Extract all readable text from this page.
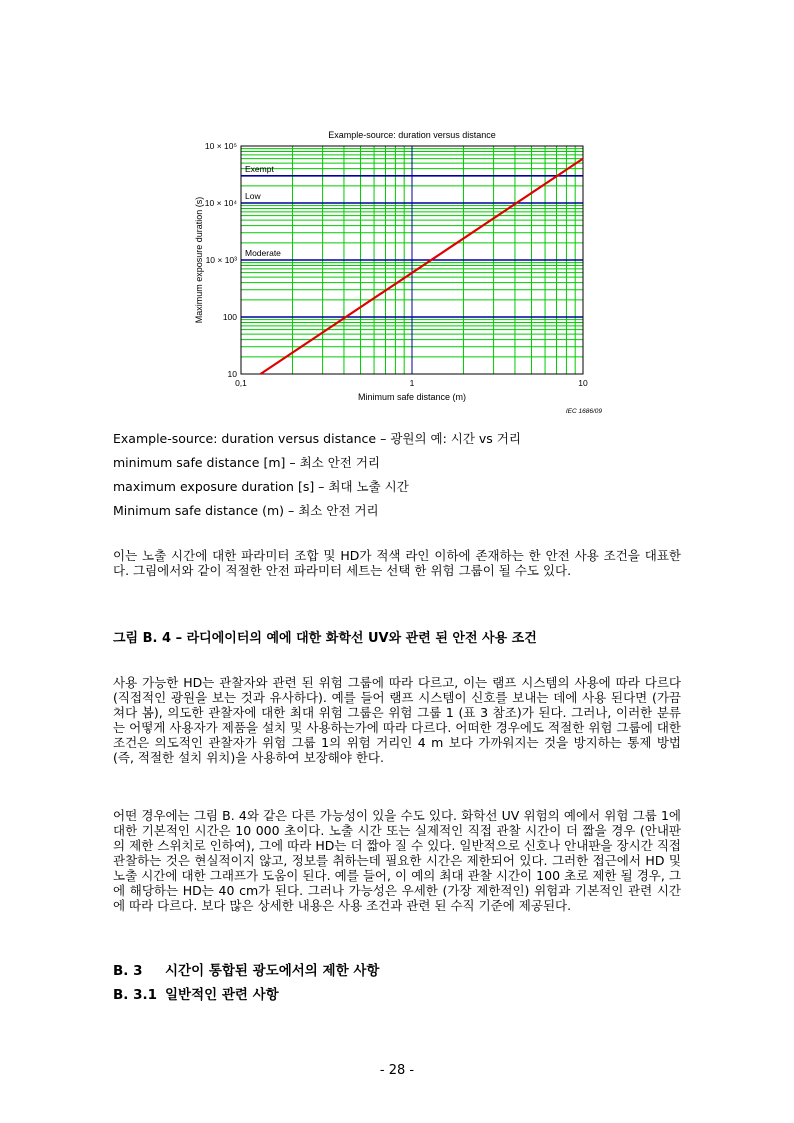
Example-source: duration versus distance
Exempt
Low
Moderate
0,1	1	10
10
100
10 × 10³
10 × 10⁴
10 × 10⁵
Minimum safe distance (m)
Maximum exposure duration (s)
IEC 1686/09
Example-source: duration versus distance – 광원의 예: 시간 vs 거리
minimum safe distance [m] – 최소 안전 거리
maximum exposure duration [s] – 최대 노출 시간
Minimum safe distance (m) – 최소 안전 거리
이는 노출 시간에 대한 파라미터 조합 및 HD가 적색 라인 이하에 존재하는 한 안전 사용 조건을 대표한다. 그림에서와 같이 적절한 안전 파라미터 세트는 선택 한 위험 그룹이 될 수도 있다.
그림 B. 4 – 라디에이터의 예에 대한 화학선 UV와 관련 된 안전 사용 조건
사용 가능한 HD는 관찰자와 관련 된 위험 그룹에 따라 다르고, 이는 램프 시스템의 사용에 따라 다르다 (직접적인 광원을 보는 것과 유사하다). 예를 들어 램프 시스템이 신호를 보내는 데에 사용 된다면 (가끔 쳐다 봄), 의도한 관찰자에 대한 최대 위험 그룹은 위험 그룹 1 (표 3 참조)가 된다. 그러나, 이러한 분류는 어떻게 사용자가 제품을 설치 및 사용하는가에 따라 다르다. 어떠한 경우에도 적절한 위험 그룹에 대한 조건은 의도적인 관찰자가 위험 그룹 1의 위험 거리인 4 m 보다 가까워지는 것을 방지하는 통제 방법 (즉, 적절한 설치 위치)을 사용하여 보장해야 한다.
어떤 경우에는 그림 B. 4와 같은 다른 가능성이 있을 수도 있다. 화학선 UV 위험의 예에서 위험 그룹 1에 대한 기본적인 시간은 10 000 초이다. 노출 시간 또는 실제적인 직접 관찰 시간이 더 짧을 경우 (안내판의 제한 스위치로 인하여), 그에 따라 HD는 더 짧아 질 수 있다. 일반적으로 신호나 안내판을 장시간 직접 관찰하는 것은 현실적이지 않고, 정보를 취하는데 필요한 시간은 제한되어 있다. 그러한 접근에서 HD 및 노출 시간에 대한 그래프가 도움이 된다. 예를 들어, 이 예의 최대 관찰 시간이 100 초로 제한 될 경우, 그에 해당하는 HD는 40 cm가 된다. 그러나 가능성은 우세한 (가장 제한적인) 위험과 기본적인 관련 시간에 따라 다르다. 보다 많은 상세한 내용은 사용 조건과 관련 된 수직 기준에 제공된다.
B. 3 시간이 통합된 광도에서의 제한 사항
B. 3.1 일반적인 관련 사항
- 28 -
